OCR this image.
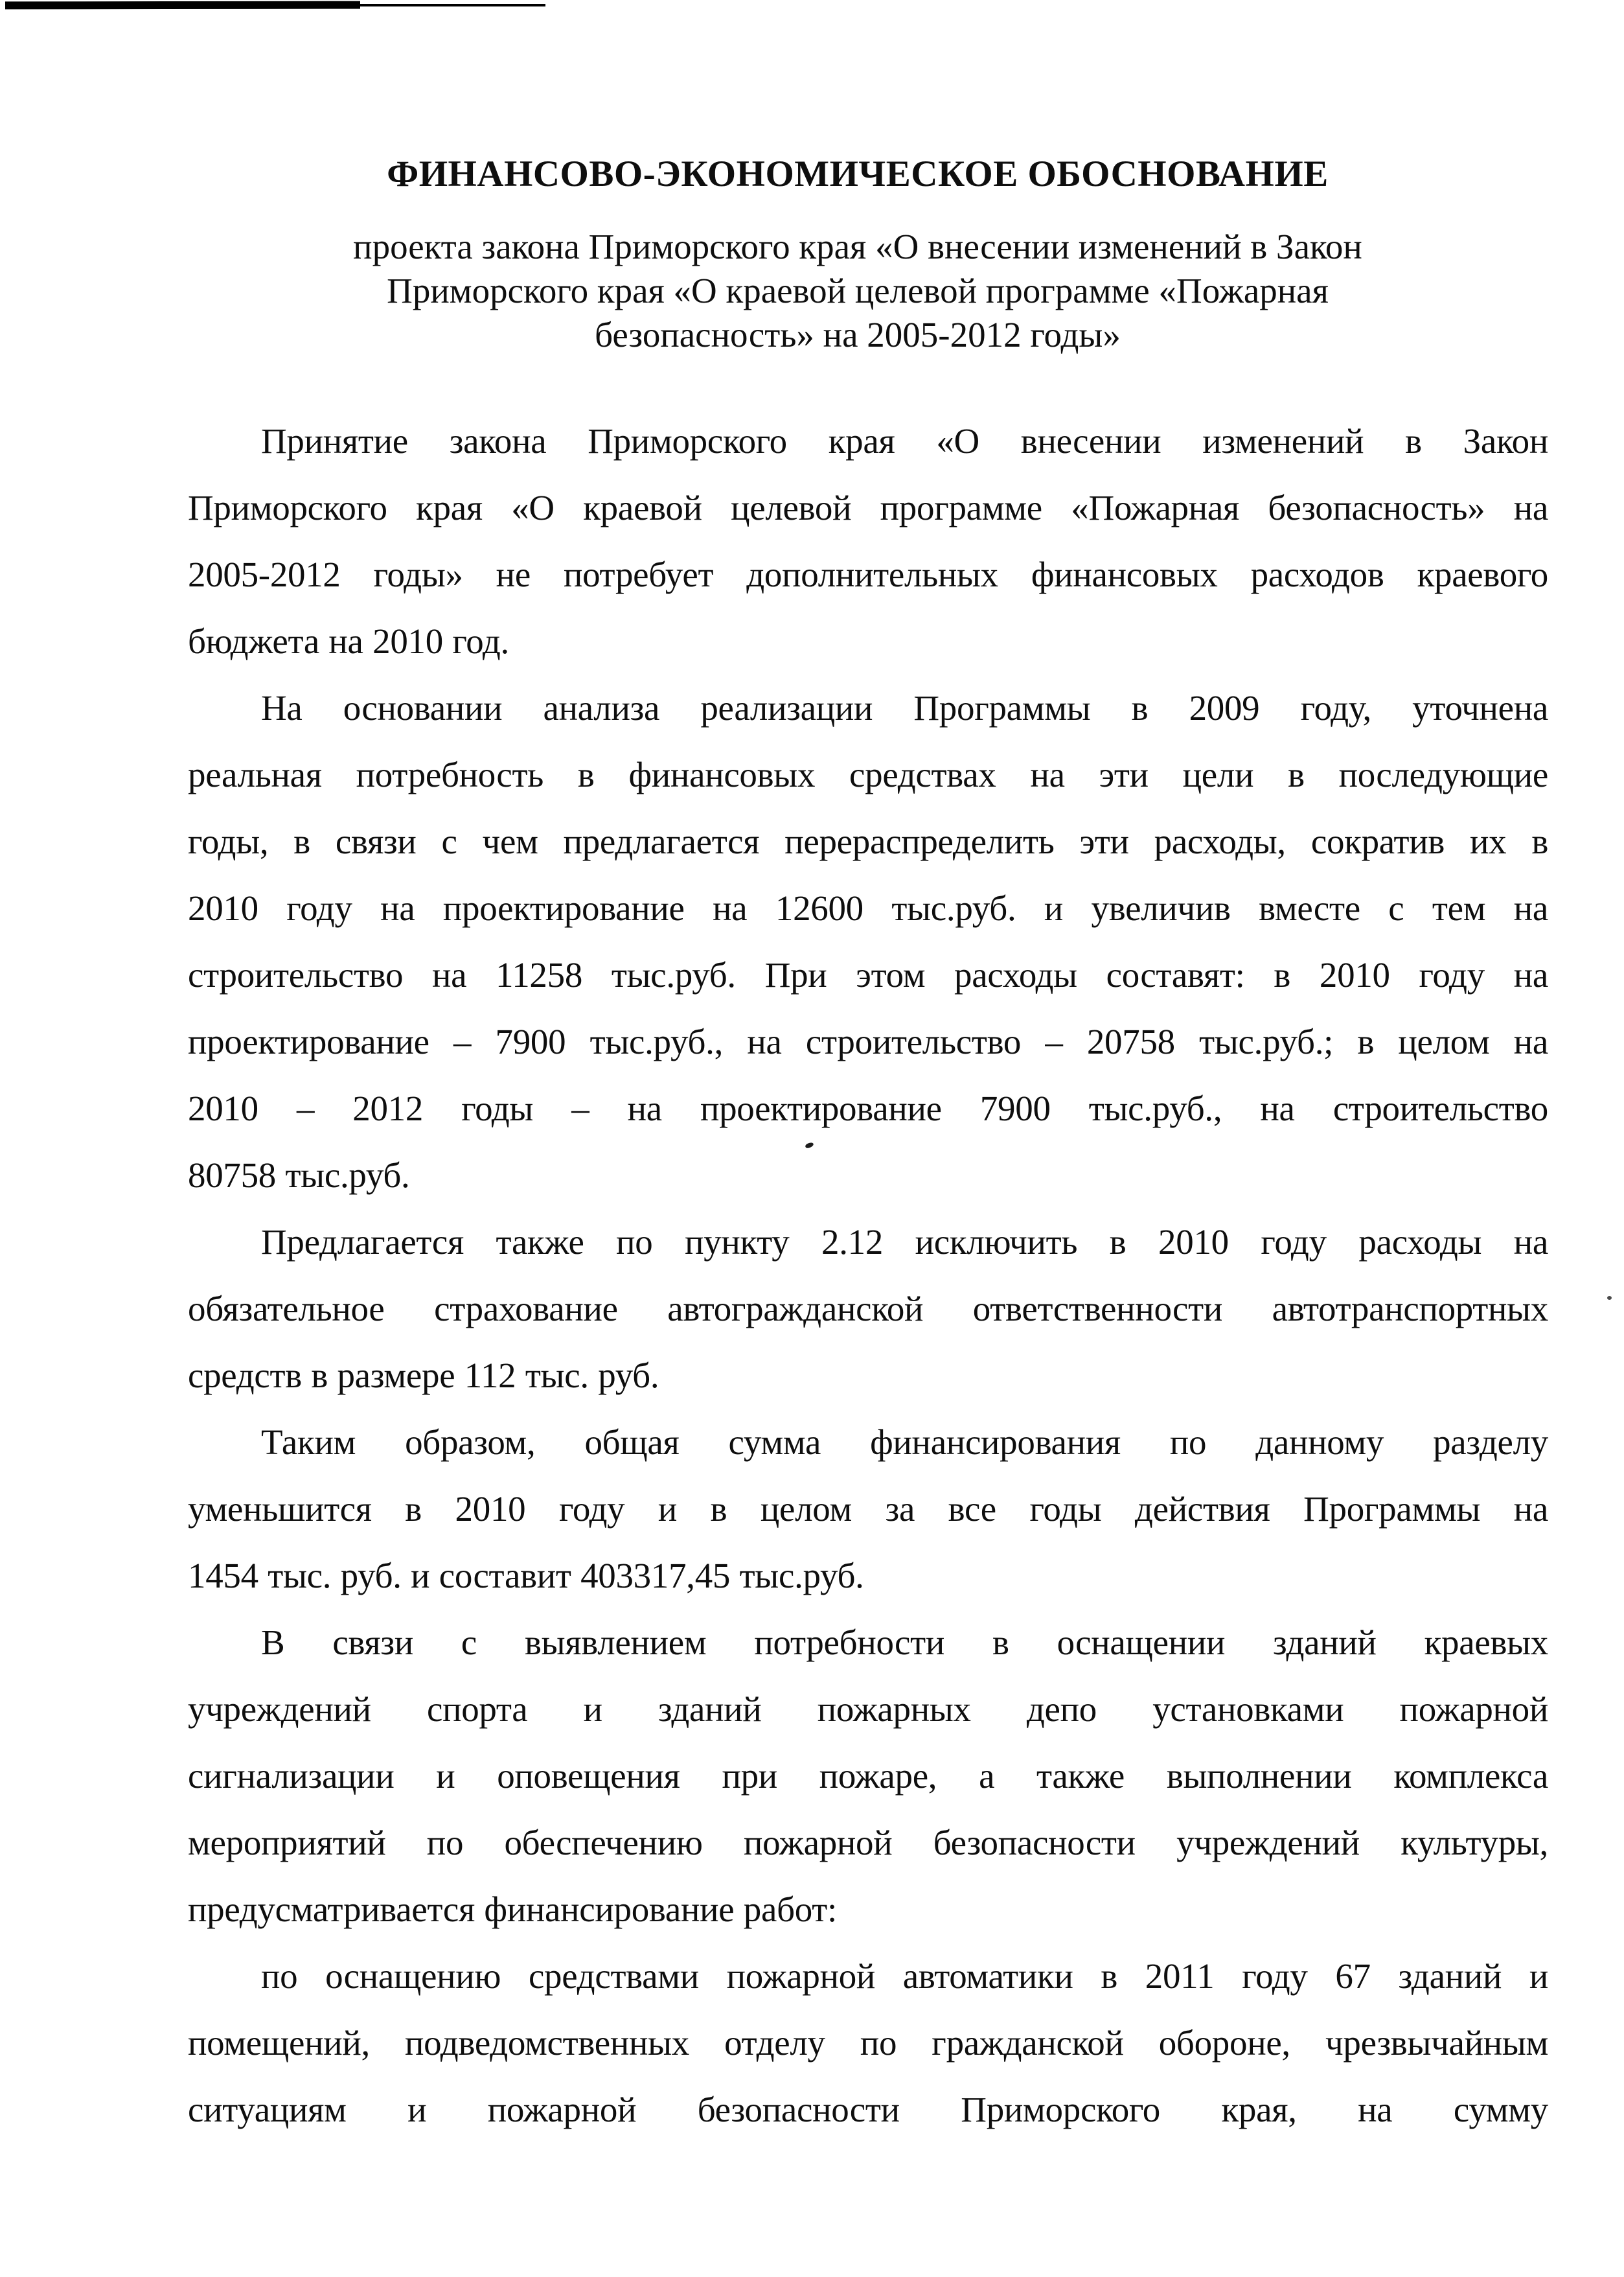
ФИНАНСОВО-ЭКОНОМИЧЕСКОЕ ОБОСНОВАНИЕ
проекта закона Приморского края «О внесении изменений в Закон
Приморского края «О краевой целевой программе «Пожарная
безопасность» на 2005-2012 годы»
Принятие закона Приморского края «О внесении изменений в Закон
Приморского края «О краевой целевой программе «Пожарная безопасность» на
2005-2012 годы» не потребует дополнительных финансовых расходов краевого
бюджета на 2010 год.
На основании анализа реализации Программы в 2009 году, уточнена
реальная потребность в финансовых средствах на эти цели в последующие
годы, в связи с чем предлагается перераспределить эти расходы, сократив их в
2010 году на проектирование на 12600 тыс.руб. и увеличив вместе с тем на
строительство на 11258 тыс.руб. При этом расходы составят: в 2010 году на
проектирование – 7900 тыс.руб., на строительство – 20758 тыс.руб.; в целом на
2010 – 2012 годы – на проектирование 7900 тыс.руб., на строительство
80758 тыс.руб.
Предлагается также по пункту 2.12 исключить в 2010 году расходы на
обязательное страхование автогражданской ответственности автотранспортных
средств в размере 112 тыс. руб.
Таким образом, общая сумма финансирования по данному разделу
уменьшится в 2010 году и в целом за все годы действия Программы на
1454 тыс. руб. и составит 403317,45 тыс.руб.
В связи с выявлением потребности в оснащении зданий краевых
учреждений спорта и зданий пожарных депо установками пожарной
сигнализации и оповещения при пожаре, а также выполнении комплекса
мероприятий по обеспечению пожарной безопасности учреждений культуры,
предусматривается финансирование работ:
по оснащению средствами пожарной автоматики в 2011 году 67 зданий и
помещений, подведомственных отделу по гражданской обороне, чрезвычайным
ситуациям и пожарной безопасности Приморского края, на сумму
